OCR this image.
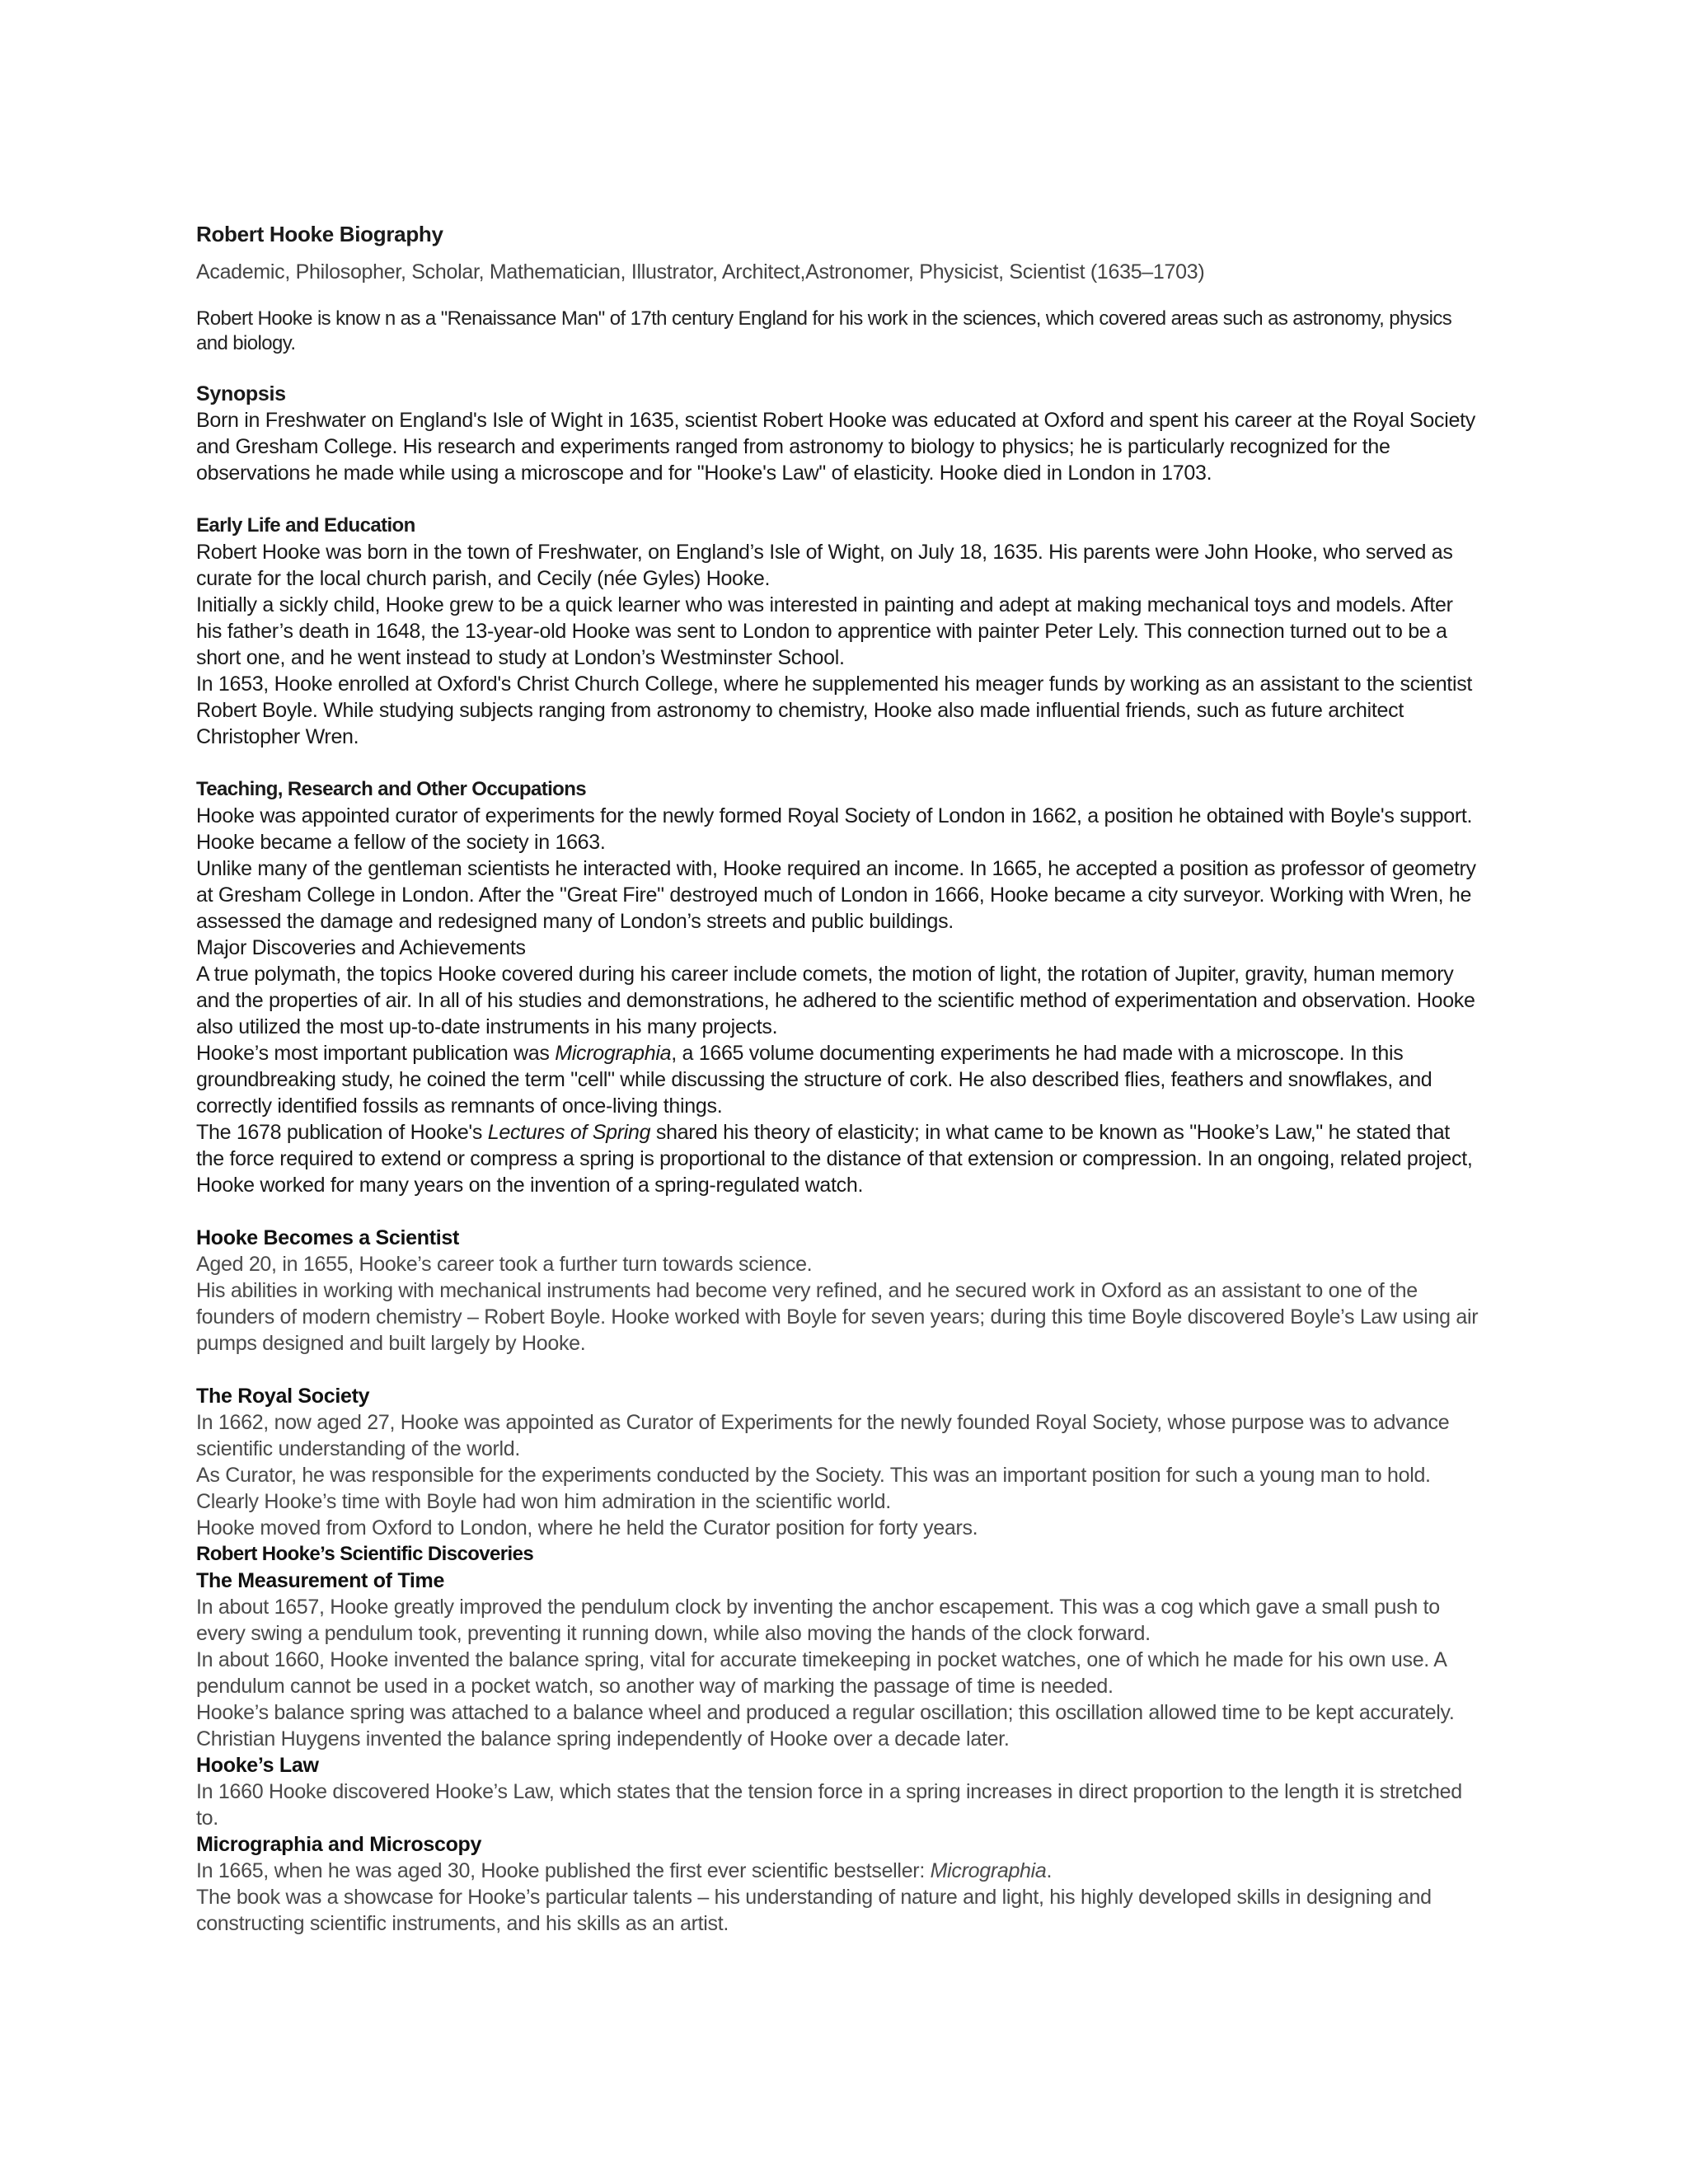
Robert Hooke Biography
Academic, Philosopher, Scholar, Mathematician, Illustrator, Architect,Astronomer, Physicist, Scientist (1635–1703)
Robert Hooke is know n as a "Renaissance Man" of 17th century England for his work in the sciences, which covered areas such as astronomy, physics and biology.
Synopsis

Born in Freshwater on England's Isle of Wight in 1635, scientist Robert Hooke was educated at Oxford and spent his career at the Royal Society and Gresham College. His research and experiments ranged from astronomy to biology to physics; he is particularly recognized for the observations he made while using a microscope and for "Hooke's Law" of elasticity. Hooke died in London in 1703.

Early Life and Education

Robert Hooke was born in the town of Freshwater, on England’s Isle of Wight, on July 18, 1635. His parents were John Hooke, who served as curate for the local church parish, and Cecily (née Gyles) Hooke.

Initially a sickly child, Hooke grew to be a quick learner who was interested in painting and adept at making mechanical toys and models. After his father’s death in 1648, the 13-year-old Hooke was sent to London to apprentice with painter Peter Lely. This connection turned out to be a short one, and he went instead to study at London’s Westminster School.

In 1653, Hooke enrolled at Oxford's Christ Church College, where he supplemented his meager funds by working as an assistant to the scientist Robert Boyle. While studying subjects ranging from astronomy to chemistry, Hooke also made influential friends, such as future architect Christopher Wren.

Teaching, Research and Other Occupations

Hooke was appointed curator of experiments for the newly formed Royal Society of London in 1662, a position he obtained with Boyle's support. Hooke became a fellow of the society in 1663.

Unlike many of the gentleman scientists he interacted with, Hooke required an income. In 1665, he accepted a position as professor of geometry at Gresham College in London. After the "Great Fire" destroyed much of London in 1666, Hooke became a city surveyor. Working with Wren, he assessed the damage and redesigned many of London’s streets and public buildings.

Major Discoveries and Achievements

A true polymath, the topics Hooke covered during his career include comets, the motion of light, the rotation of Jupiter, gravity, human memory and the properties of air. In all of his studies and demonstrations, he adhered to the scientific method of experimentation and observation. Hooke also utilized the most up-to-date instruments in his many projects.

Hooke’s most important publication was Micrographia, a 1665 volume documenting experiments he had made with a microscope. In this groundbreaking study, he coined the term "cell" while discussing the structure of cork. He also described flies, feathers and snowflakes, and correctly identified fossils as remnants of once-living things.

The 1678 publication of Hooke's Lectures of Spring shared his theory of elasticity; in what came to be known as "Hooke’s Law," he stated that the force required to extend or compress a spring is proportional to the distance of that extension or compression. In an ongoing, related project, Hooke worked for many years on the invention of a spring-regulated watch.

Hooke Becomes a Scientist

Aged 20, in 1655, Hooke’s career took a further turn towards science.

His abilities in working with mechanical instruments had become very refined, and he secured work in Oxford as an assistant to one of the founders of modern chemistry – Robert Boyle. Hooke worked with Boyle for seven years; during this time Boyle discovered Boyle’s Law using air pumps designed and built largely by Hooke.

The Royal Society

In 1662, now aged 27, Hooke was appointed as Curator of Experiments for the newly founded Royal Society, whose purpose was to advance scientific understanding of the world.

As Curator, he was responsible for the experiments conducted by the Society. This was an important position for such a young man to hold. Clearly Hooke’s time with Boyle had won him admiration in the scientific world.

Hooke moved from Oxford to London, where he held the Curator position for forty years.

Robert Hooke’s Scientific Discoveries
The Measurement of Time

In about 1657, Hooke greatly improved the pendulum clock by inventing the anchor escapement. This was a cog which gave a small push to every swing a pendulum took, preventing it running down, while also moving the hands of the clock forward.

In about 1660, Hooke invented the balance spring, vital for accurate timekeeping in pocket watches, one of which he made for his own use. A pendulum cannot be used in a pocket watch, so another way of marking the passage of time is needed.

Hooke’s balance spring was attached to a balance wheel and produced a regular oscillation; this oscillation allowed time to be kept accurately. Christian Huygens invented the balance spring independently of Hooke over a decade later.

Hooke’s Law

In 1660 Hooke discovered Hooke’s Law, which states that the tension force in a spring increases in direct proportion to the length it is stretched to.

Micrographia and Microscopy

In 1665, when he was aged 30, Hooke published the first ever scientific bestseller: Micrographia.

The book was a showcase for Hooke’s particular talents – his understanding of nature and light, his highly developed skills in designing and constructing scientific instruments, and his skills as an artist.
